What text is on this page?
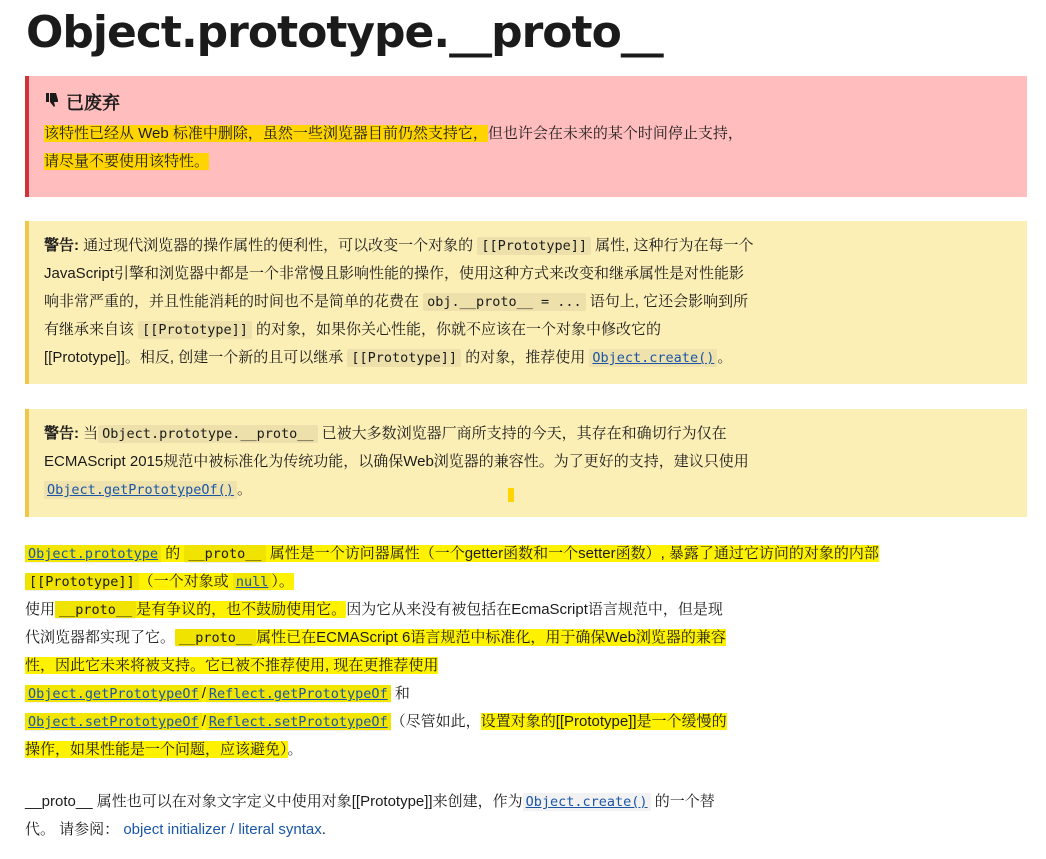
Object.prototype.__proto__
已废弃
该特性已经从 Web 标准中删除，虽然一些浏览器目前仍然支持它，但也许会在未来的某个时间停止支持，
请尽量不要使用该特性。
警告: 通过现代浏览器的操作属性的便利性，可以改变一个对象的 [[Prototype]] 属性, 这种行为在每一个
JavaScript引擎和浏览器中都是一个非常慢且影响性能的操作，使用这种方式来改变和继承属性是对性能影
响非常严重的，并且性能消耗的时间也不是简单的花费在 obj.__proto__ = ... 语句上, 它还会影响到所
有继承来自该 [[Prototype]] 的对象，如果你关心性能，你就不应该在一个对象中修改它的
[[Prototype]]。相反, 创建一个新的且可以继承 [[Prototype]] 的对象，推荐使用 Object.create() 。
警告: 当 Object.prototype.__proto__ 已被大多数浏览器厂商所支持的今天，其存在和确切行为仅在
ECMAScript 2015规范中被标准化为传统功能，以确保Web浏览器的兼容性。为了更好的支持，建议只使用
Object.getPrototypeOf() 。
Object.prototype 的 __proto__ 属性是一个访问器属性（一个getter函数和一个setter函数）, 暴露了通过它访问的对象的内部
[[Prototype]] （一个对象或 null ）。
使用 __proto__ 是有争议的，也不鼓励使用它。因为它从来没有被包括在EcmaScript语言规范中，但是现
代浏览器都实现了它。 __proto__ 属性已在ECMAScript 6语言规范中标准化，用于确保Web浏览器的兼容
性，因此它未来将被支持。它已被不推荐使用, 现在更推荐使用
Object.getPrototypeOf / Reflect.getPrototypeOf 和
Object.setPrototypeOf / Reflect.setPrototypeOf （尽管如此，设置对象的[[Prototype]]是一个缓慢的
操作，如果性能是一个问题，应该避免）。
__proto__ 属性也可以在对象文字定义中使用对象[[Prototype]]来创建，作为 Object.create() 的一个替
代。 请参阅： object initializer / literal syntax.
